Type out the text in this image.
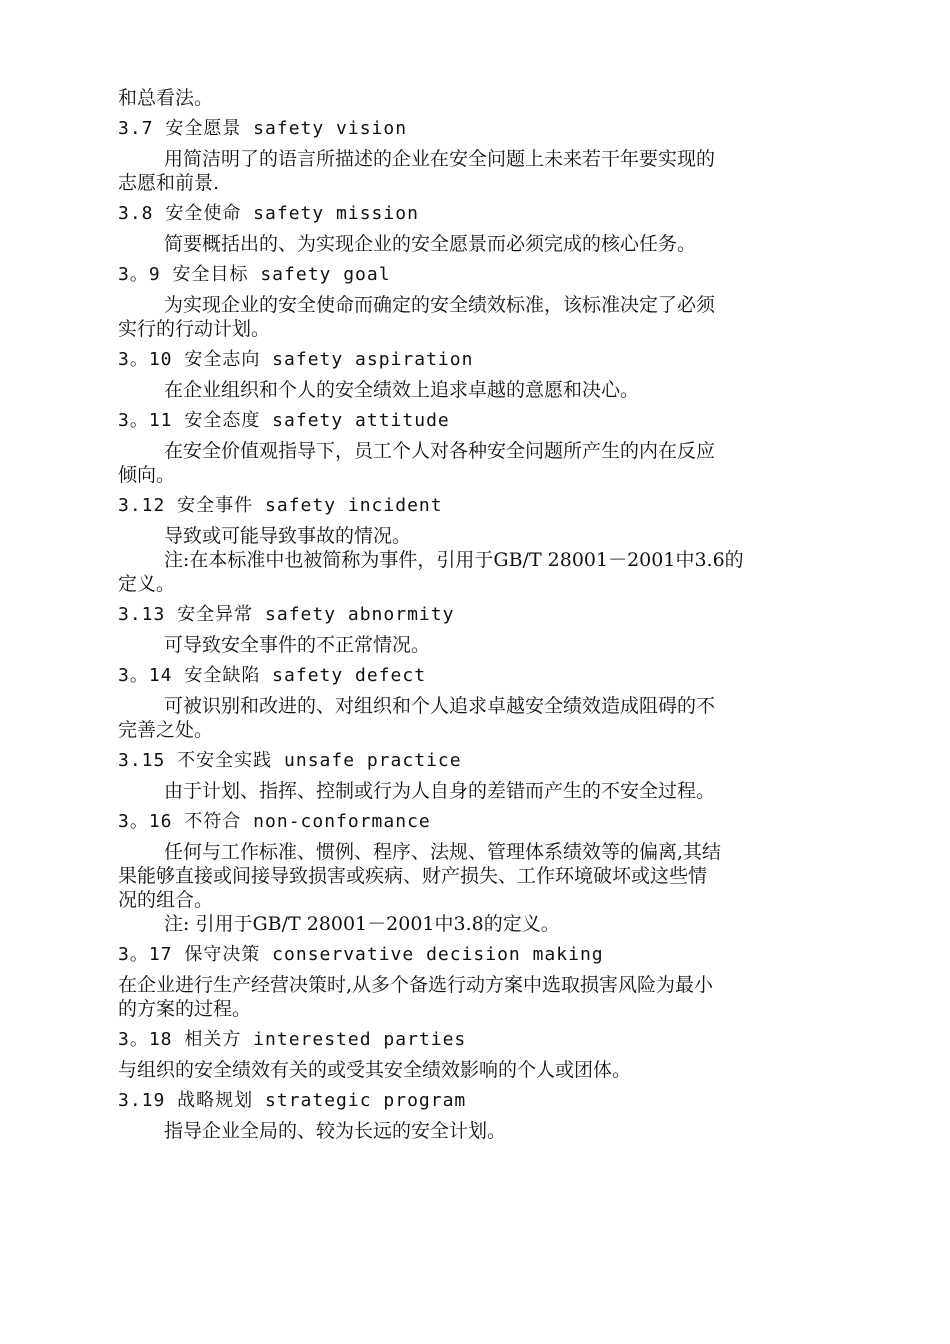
和总看法。
3.7 安全愿景 safety vision
用简洁明了的语言所描述的企业在安全问题上未来若干年要实现的
志愿和前景.
3.8 安全使命 safety mission
简要概括出的、为实现企业的安全愿景而必须完成的核心任务。
3。9 安全目标 safety goal
为实现企业的安全使命而确定的安全绩效标准，该标准决定了必须
实行的行动计划。
3。10 安全志向 safety aspiration
在企业组织和个人的安全绩效上追求卓越的意愿和决心。
3。11 安全态度 safety attitude
在安全价值观指导下，员工个人对各种安全问题所产生的内在反应
倾向。
3.12 安全事件 safety incident
导致或可能导致事故的情况。
注:在本标准中也被简称为事件，引用于GB/T 28001－2001中3.6的
定义。
3.13 安全异常 safety abnormity
可导致安全事件的不正常情况。
3。14 安全缺陷 safety defect
可被识别和改进的、对组织和个人追求卓越安全绩效造成阻碍的不
完善之处。
3.15 不安全实践 unsafe practice
由于计划、指挥、控制或行为人自身的差错而产生的不安全过程。
3。16 不符合 non-conformance
任何与工作标准、惯例、程序、法规、管理体系绩效等的偏离,其结
果能够直接或间接导致损害或疾病、财产损失、工作环境破坏或这些情
况的组合。
注: 引用于GB/T 28001－2001中3.8的定义。
3。17 保守决策 conservative decision making
在企业进行生产经营决策时,从多个备选行动方案中选取损害风险为最小
的方案的过程。
3。18 相关方 interested parties
与组织的安全绩效有关的或受其安全绩效影响的个人或团体。
3.19 战略规划 strategic program
指导企业全局的、较为长远的安全计划。
